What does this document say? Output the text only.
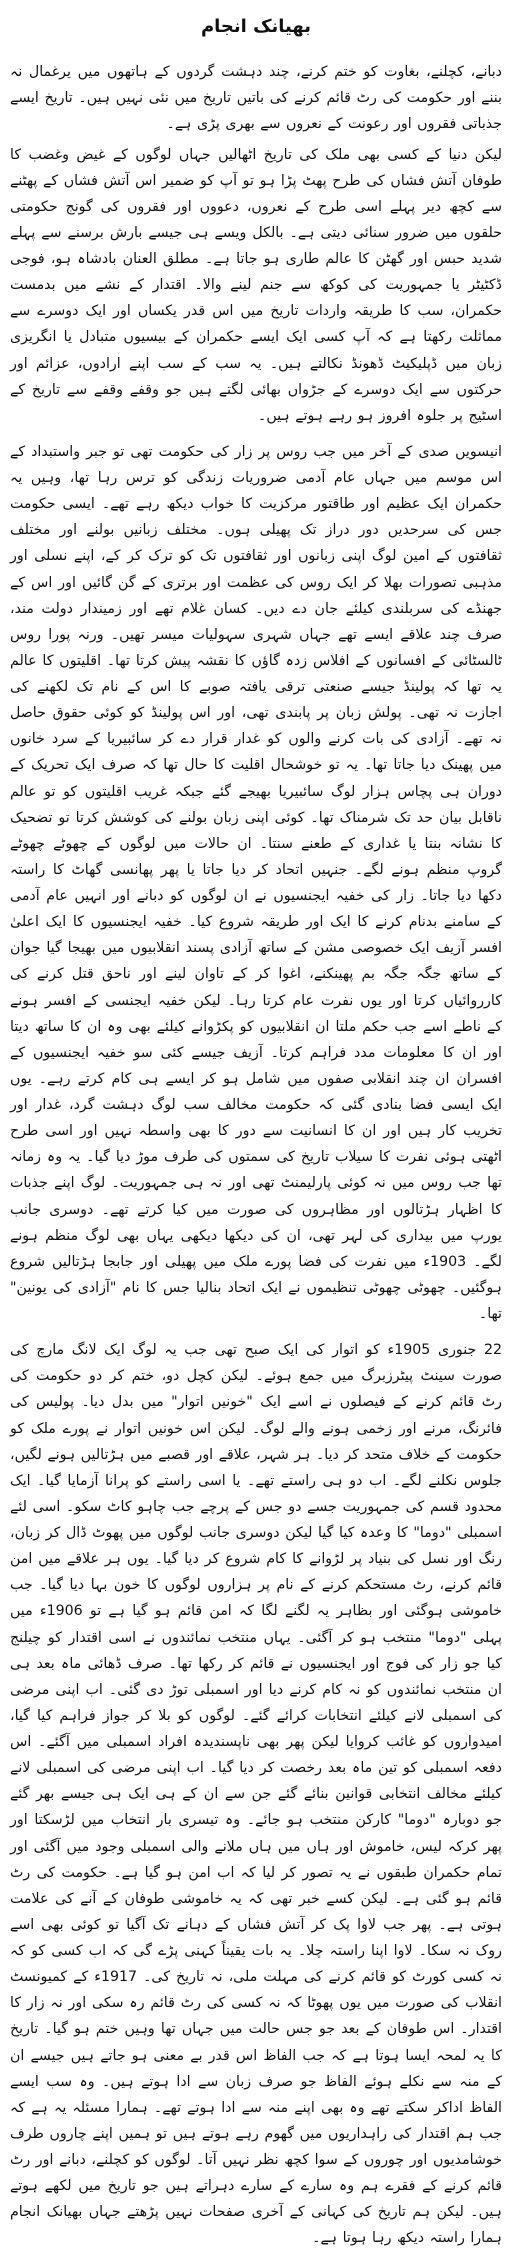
بھیانک انجام

دبانے، کچلنے، بغاوت کو ختم کرنے، چند دہشت گردوں کے ہاتھوں میں یرغمال نہ بننے اور حکومت کی رٹ قائم کرنے کی باتیں تاریخ میں نئی نہیں ہیں۔ تاریخ ایسے جذباتی فقروں اور رعونت کے نعروں سے بھری پڑی ہے۔

لیکن دنیا کے کسی بھی ملک کی تاریخ اٹھالیں جہاں لوگوں کے غیض وغضب کا طوفان آتش فشاں کی طرح پھٹ پڑا ہو تو آپ کو ضمیر اس آتش فشاں کے پھٹنے سے کچھ دیر پہلے اسی طرح کے نعروں، دعووں اور فقروں کی گونج حکومتی حلقوں میں ضرور سنائی دیتی ہے۔ بالکل ویسے ہی جیسے بارش برسنے سے پہلے شدید حبس اور گھٹن کا عالم طاری ہو جاتا ہے۔ مطلق العنان بادشاہ ہو، فوجی ڈکٹیٹر یا جمہوریت کی کوکھ سے جنم لینے والا۔ اقتدار کے نشے میں بدمست حکمران، سب کا طریقہ واردات تاریخ میں اس قدر یکساں اور ایک دوسرے سے مماثلت رکھتا ہے کہ آپ کسی ایک ایسے حکمران کے بیسیوں متبادل یا انگریزی زبان میں ڈپلیکیٹ ڈھونڈ نکالتے ہیں۔ یہ سب کے سب اپنے ارادوں، عزائم اور حرکتوں سے ایک دوسرے کے جڑواں بھائی لگتے ہیں جو وقفے وقفے سے تاریخ کے اسٹیج پر جلوہ افروز ہو رہے ہوتے ہیں۔

انیسویں صدی کے آخر میں جب روس پر زار کی حکومت تھی تو جبر واستبداد کے اس موسم میں جہاں عام آدمی ضروریات زندگی کو ترس رہا تھا، وہیں یہ حکمران ایک عظیم اور طاقتور مرکزیت کا خواب دیکھ رہے تھے۔ ایسی حکومت جس کی سرحدیں دور دراز تک پھیلی ہوں۔ مختلف زبانیں بولنے اور مختلف ثقافتوں کے امین لوگ اپنی زبانوں اور ثقافتوں تک کو ترک کر کے، اپنے نسلی اور مذہبی تصورات بھلا کر ایک روس کی عظمت اور برتری کے گن گائیں اور اس کے جھنڈے کی سربلندی کیلئے جان دے دیں۔ کسان غلام تھے اور زمیندار دولت مند، صرف چند علاقے ایسے تھے جہاں شہری سہولیات میسر تھیں۔ ورنہ پورا روس ٹالسٹائی کے افسانوں کے افلاس زدہ گاؤں کا نقشہ پیش کرتا تھا۔ اقلیتوں کا عالم یہ تھا کہ پولینڈ جیسے صنعتی ترقی یافتہ صوبے کا اس کے نام تک لکھنے کی اجازت نہ تھی۔ پولش زبان پر پابندی تھی، اور اس پولینڈ کو کوئی حقوق حاصل نہ تھے۔ آزادی کی بات کرنے والوں کو غدار قرار دے کر سائبیریا کے سرد خانوں میں پھینک دیا جاتا تھا۔ یہ تو خوشحال اقلیت کا حال تھا کہ صرف ایک تحریک کے دوران ہی پچاس ہزار لوگ سائبیریا بھیجے گئے جبکہ غریب اقلیتوں کو تو عالم ناقابل بیان حد تک شرمناک تھا۔ کوئی اپنی زبان بولنے کی کوشش کرتا تو تضحیک کا نشانہ بنتا یا غداری کے طعنے سنتا۔ ان حالات میں لوگوں کے چھوٹے چھوٹے گروپ منظم ہونے لگے۔ جنہیں اتحاد کر دیا جاتا یا پھر پھانسی گھاٹ کا راستہ دکھا دیا جاتا۔ زار کی خفیہ ایجنسیوں نے ان لوگوں کو دبانے اور انہیں عام آدمی کے سامنے بدنام کرنے کا ایک اور طریقہ شروع کیا۔ خفیہ ایجنسیوں کا ایک اعلیٰ افسر آزیف ایک خصوصی مشن کے ساتھ آزادی پسند انقلابیوں میں بھیجا گیا جوان کے ساتھ جگہ جگہ بم پھینکنے، اغوا کر کے تاوان لینے اور ناحق قتل کرنے کی کارروائیاں کرتا اور یوں نفرت عام کرتا رہا۔ لیکن خفیہ ایجنسی کے افسر ہونے کے ناطے اسے جب حکم ملتا ان انقلابیوں کو پکڑوانے کیلئے بھی وہ ان کا ساتھ دیتا اور ان کا معلومات مدد فراہم کرتا۔ آزیف جیسے کئی سو خفیہ ایجنسیوں کے افسران ان چند انقلابی صفوں میں شامل ہو کر ایسے ہی کام کرتے رہے۔ یوں ایک ایسی فضا بنادی گئی کہ حکومت مخالف سب لوگ دہشت گرد، غدار اور تخریب کار ہیں اور ان کا انسانیت سے دور کا بھی واسطہ نہیں اور اسی طرح اٹھتی ہوئی نفرت کا سیلاب تاریخ کی سمتوں کی طرف موڑ دیا گیا۔ یہ وہ زمانہ تھا جب روس میں نہ کوئی پارلیمنٹ تھی اور نہ ہی جمہوریت۔ لوگ اپنے جذبات کا اظہار ہڑتالوں اور مظاہروں کی صورت میں کیا کرتے تھے۔ دوسری جانب یورپ میں بیداری کی لہر تھی، ان کی دیکھا دیکھی یہاں بھی لوگ منظم ہونے لگے۔ 1903ء میں نفرت کی فضا پورے ملک میں پھیلی اور جابجا ہڑتالیں شروع ہوگئیں۔ چھوٹی چھوٹی تنظیموں نے ایک اتحاد بنالیا جس کا نام "آزادی کی یونین" تھا۔

22 جنوری 1905ء کو اتوار کی ایک صبح تھی جب یہ لوگ ایک لانگ مارچ کی صورت سینٹ پیٹرزبرگ میں جمع ہوئے۔ لیکن کچل دو، ختم کر دو حکومت کی رٹ قائم کرنے کے فیصلوں نے اسے ایک "خونیں اتوار" میں بدل دیا۔ پولیس کی فائرنگ، مرنے اور زخمی ہونے والے لوگ۔ لیکن اس خونیں اتوار نے پورے ملک کو حکومت کے خلاف متحد کر دیا۔ ہر شہر، علاقے اور قصبے میں ہڑتالیں ہونے لگیں، جلوس نکلنے لگے۔ اب دو ہی راستے تھے۔ یا اسی راستے کو پرانا آزمایا گیا۔ ایک محدود قسم کی جمہوریت جسے دو جس کے پرچے جب چاہو کاٹ سکو۔ اسی لئے اسمبلی "دوما" کا وعدہ کیا گیا لیکن دوسری جانب لوگوں میں پھوٹ ڈال کر زبان، رنگ اور نسل کی بنیاد پر لڑوانے کا کام شروع کر دیا گیا۔ یوں ہر علاقے میں امن قائم کرنے، رٹ مستحکم کرنے کے نام پر ہزاروں لوگوں کا خون بہا دیا گیا۔ جب خاموشی ہوگئی اور بظاہر یہ لگنے لگا کہ امن قائم ہو گیا ہے تو 1906ء میں پہلی "دوما" منتخب ہو کر آگئی۔ یہاں منتخب نمائندوں نے اسی اقتدار کو چیلنج کیا جو زار کی فوج اور ایجنسیوں نے قائم کر رکھا تھا۔ صرف ڈھائی ماہ بعد ہی ان منتخب نمائندوں کو نہ کام کرنے دیا اور اسمبلی توڑ دی گئی۔ اب اپنی مرضی کی اسمبلی لانے کیلئے انتخابات کرائے گئے۔ لوگوں کو بلا کر جواز فراہم کیا گیا، امیدواروں کو غائب کروایا لیکن پھر بھی ناپسندیدہ افراد اسمبلی میں آگئے۔ اس دفعہ اسمبلی کو تین ماہ بعد رخصت کر دیا گیا۔ اب اپنی مرضی کی اسمبلی لانے کیلئے مخالف انتخابی قوانین بنائے گئے جن سے ان کے ہی ایک ہی جیسے بھر گئے جو دوبارہ "دوما" کارکن منتخب ہو جائے۔ وہ تیسری بار انتخاب میں لڑسکتا اور پھر کرکہ لیس، خاموش اور ہاں میں ہاں ملانے والی اسمبلی وجود میں آگئی اور تمام حکمران طبقوں نے یہ تصور کر لیا کہ اب امن ہو گیا ہے۔ حکومت کی رٹ قائم ہو گئی ہے۔ لیکن کسے خبر تھی کہ یہ خاموشی طوفان کے آنے کی علامت ہوتی ہے۔ پھر جب لاوا پک کر آتش فشاں کے دہانے تک آگیا تو کوئی بھی اسے روک نہ سکا۔ لاوا اپنا راستہ چلا۔ یہ بات یقیناً کہنی پڑے گی کہ اب کسی کو کہ نہ کسی کورٹ کو قائم کرنے کی مہلت ملی، نہ تاریخ کی۔ 1917ء کے کمیونسٹ انقلاب کی صورت میں یوں پھوٹا کہ نہ کسی کی رٹ قائم رہ سکی اور نہ زار کا اقتدار۔ اس طوفان کے بعد جو جس حالت میں جہاں تھا وہیں ختم ہو گیا۔ تاریخ کا یہ لمحہ ایسا ہوتا ہے کہ جب الفاظ اس قدر بے معنی ہو جاتے ہیں جیسے ان کے منہ سے نکلے ہوئے الفاظ جو صرف زبان سے ادا ہوتے ہیں۔ وہ سب ایسے الفاظ اداکر سکتے تھے وہ بھی اپنے منہ سے ادا ہوتے تھے۔ ہمارا مسئلہ یہ ہے کہ جب ہم اقتدار کی راہداریوں میں گھوم رہے ہوتے ہیں تو ہمیں اپنے چاروں طرف خوشامدیوں اور چوروں کے سوا کچھ نظر نہیں آتا۔ لوگوں کو کچلنے، دبانے اور رٹ قائم کرنے کے فقرے ہم وہ سارے کے سارے دہراتے ہیں جو تاریخ میں لکھے ہوتے ہیں۔ لیکن ہم تاریخ کی کہانی کے آخری صفحات نہیں پڑھتے جہاں بھیانک انجام ہمارا راستہ دیکھ رہا ہوتا ہے۔
